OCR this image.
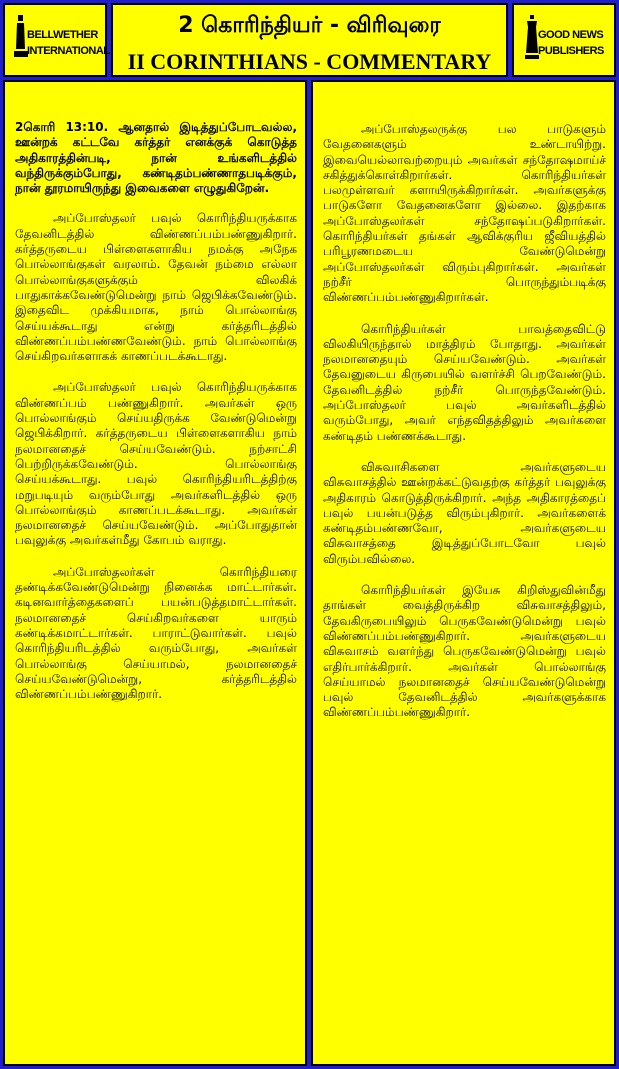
BELLWETHER INTERNATIONAL
2 கொரிந்தியர் - விரிவுரை
II CORINTHIANS - COMMENTARY
GOOD NEWS PUBLISHERS

2கொரி 13:10. ஆனதால் இடித்துப்போடவல்ல, ஊன்றக் கட்டவே கர்த்தர் எனக்குக் கொடுத்த அதிகாரத்தின்படி, நான் உங்களிடத்தில் வந்திருக்கும்போது, கண்டிதம்பண்ணாதபடிக்கும், நான் தூரமாயிருந்து இவைகளை எழுதுகிறேன்.

அப்போஸ்தலர் பவுல் கொரிந்தியருக்காக தேவனிடத்தில் விண்ணப்பம்பண்ணுகிறார். கர்த்தருடைய பிள்ளைகளாகிய நமக்கு அநேக பொல்லாங்குகள் வரலாம். தேவன் நம்மை எல்லா பொல்லாங்குகளுக்கும் விலகிக் பாதுகாக்கவேண்டுமென்று நாம் ஜெபிக்கவேண்டும். இதைவிட முக்கியமாக, நாம் பொல்லாங்கு செய்யக்கூடாது என்று கர்த்தரிடத்தில் விண்ணப்பம்பண்ணவேண்டும். நாம் பொல்லாங்கு செய்கிறவர்களாகக் காணப்படக்கூடாது.

அப்போஸ்தலர் பவுல் கொரிந்தியருக்காக விண்ணப்பம் பண்ணுகிறார். அவர்கள் ஒரு பொல்லாங்கும் செய்யதிருக்க வேண்டுமென்று ஜெபிக்கிறார். கர்த்தருடைய பிள்ளைகளாகிய நாம் நலமானதைச் செய்யவேண்டும். நற்சாட்சி பெற்றிருக்கவேண்டும். பொல்லாங்கு செய்யக்கூடாது. பவுல் கொரிந்தியரிடத்திற்கு மறுபடியும் வரும்போது அவர்களிடத்தில் ஒரு பொல்லாங்கும் காணப்படக்கூடாது. அவர்கள் நலமானதைச் செய்யவேண்டும். அப்போதுதான் பவுலுக்கு அவர்கள்மீது கோபம் வராது.

அப்போஸ்தலர்கள் கொரிந்தியரை தண்டிக்கவேண்டுமென்று நினைக்க மாட்டார்கள். கடினவார்த்தைகளைப் பயன்படுத்தமாட்டார்கள். நலமானதைச் செய்கிறவர்களை யாரும் கண்டிக்கமாட்டார்கள். பாராட்டுவார்கள். பவுல் கொரிந்தியரிடத்தில் வரும்போது, அவர்கள் பொல்லாங்கு செய்யாமல், நலமானதைச் செய்யவேண்டுமென்று, கர்த்தரிடத்தில் விண்ணப்பம்பண்ணுகிறார்.

அப்போஸ்தலருக்கு பல பாடுகளும் வேதனைகளும் உண்டாயிற்று. இவையெல்லாவற்றையும் அவர்கள் சந்தோஷமாய்ச் சகித்துக்கொள்கிறார்கள். கொரிந்தியர்கள் பலமுள்ளவர் களாயிருக்கிறார்கள். அவர்களுக்கு பாடுகளோ வேதனைகளோ இல்லை. இதற்காக அப்போஸ்தலர்கள் சந்தோஷப்படுகிறார்கள். கொரிந்தியர்கள் தங்கள் ஆவிக்குரிய ஜீவியத்தில் பரிபூரணமடைய வேண்டுமென்று அப்போஸ்தலர்கள் விரும்புகிறார்கள். அவர்கள் நற்சீர் பொருந்தும்படிக்கு விண்ணப்பம்பண்ணுகிறார்கள்.

கொரிந்தியர்கள் பாவத்தைவிட்டு விலகியிருந்தால் மாத்திரம் போதாது. அவர்கள் நலமானதையும் செய்யவேண்டும். அவர்கள் தேவனுடைய கிருபையில் வளர்ச்சி பெறவேண்டும். தேவனிடத்தில் நற்சீர் பொருந்தவேண்டும். அப்போஸ்தலர் பவுல் அவர்களிடத்தில் வரும்போது, அவர் எந்தவிதத்திலும் அவர்களை கண்டிதம் பண்ணக்கூடாது.

விசுவாசிகளை அவர்களுடைய விசுவாசத்தில் ஊன்றக்கட்டுவதற்கு கர்த்தர் பவுலுக்கு அதிகாரம் கொடுத்திருக்கிறார். அந்த அதிகாரத்தைப் பவுல் பயன்படுத்த விரும்புகிறார். அவர்களைக் கண்டிதம்பண்ணவோ, அவர்களுடைய விசுவாசத்தை இடித்துப்போடவோ பவுல் விரும்பவில்லை.

கொரிந்தியர்கள் இயேசு கிறிஸ்துவின்மீது தாங்கள் வைத்திருக்கிற விசுவாசத்திலும், தேவகிருபையிலும் பெருகவேண்டுமென்று பவுல் விண்ணப்பம்பண்ணுகிறார். அவர்களுடைய விசுவாசம் வளர்ந்து பெருகவேண்டுமென்று பவுல் எதிர்பார்க்கிறார். அவர்கள் பொல்லாங்கு செய்யாமல் நலமானதைச் செய்யவேண்டுமென்று பவுல் தேவனிடத்தில் அவர்களுக்காக விண்ணப்பம்பண்ணுகிறார்.
